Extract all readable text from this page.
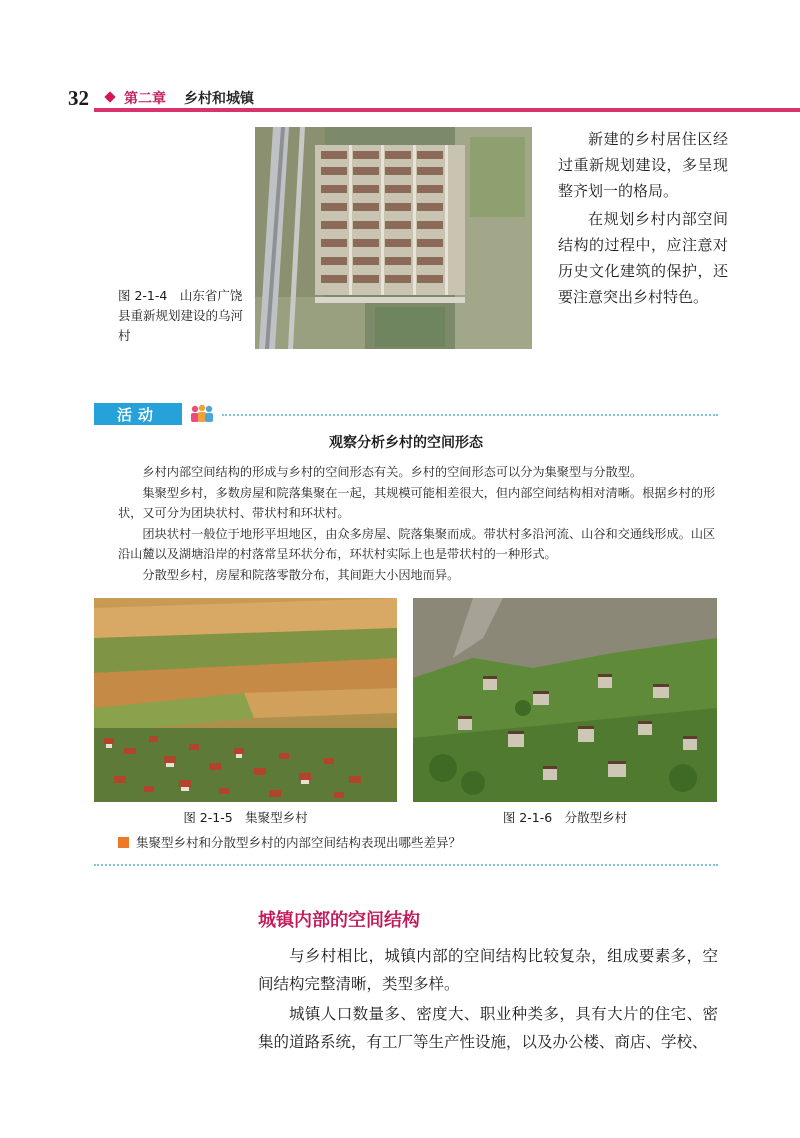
32	第二章 乡村和城镇
图 2-1-4　山东省广饶县重新规划建设的乌河村

新建的乡村居住区经过重新规划建设，多呈现整齐划一的格局。

在规划乡村内部空间结构的过程中，应注意对历史文化建筑的保护，还要注意突出乡村特色。

活动
观察分析乡村的空间形态

乡村内部空间结构的形成与乡村的空间形态有关。乡村的空间形态可以分为集聚型与分散型。

集聚型乡村，多数房屋和院落集聚在一起，其规模可能相差很大，但内部空间结构相对清晰。根据乡村的形状，又可分为团块状村、带状村和环状村。

团块状村一般位于地形平坦地区，由众多房屋、院落集聚而成。带状村多沿河流、山谷和交通线形成。山区沿山麓以及湖塘沿岸的村落常呈环状分布，环状村实际上也是带状村的一种形式。

分散型乡村，房屋和院落零散分布，其间距大小因地而异。

图 2-1-5　集聚型乡村	图 2-1-6　分散型乡村
集聚型乡村和分散型乡村的内部空间结构表现出哪些差异？
城镇内部的空间结构

与乡村相比，城镇内部的空间结构比较复杂，组成要素多，空间结构完整清晰，类型多样。

城镇人口数量多、密度大、职业种类多，具有大片的住宅、密集的道路系统，有工厂等生产性设施，以及办公楼、商店、学校、
